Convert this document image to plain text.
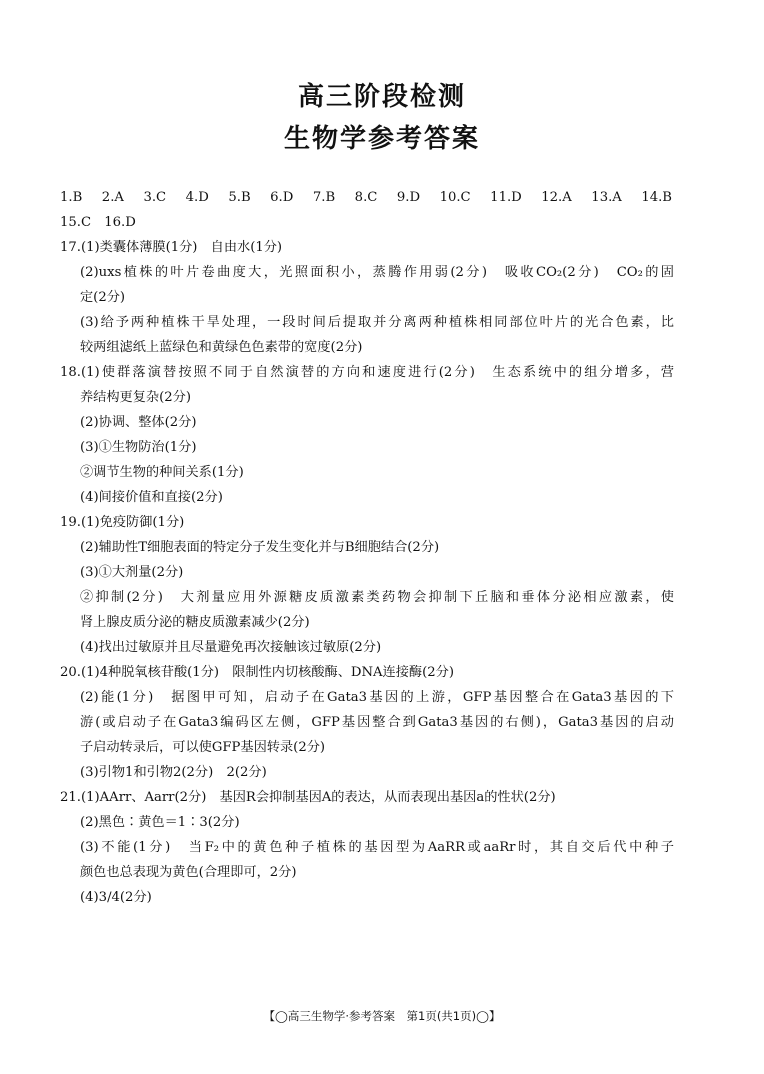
高三阶段检测
生物学参考答案
1.B　2.A　3.C　4.D　5.B　6.D　7.B　8.C　9.D　10.C　11.D　12.A　13.A　14.B
15.C　16.D
17.(1)类囊体薄膜(1分)　自由水(1分)
(2)uxs植株的叶片卷曲度大，光照面积小，蒸腾作用弱(2分)　吸收CO₂(2分)　CO₂的固
定(2分)
(3)给予两种植株干旱处理，一段时间后提取并分离两种植株相同部位叶片的光合色素，比
较两组滤纸上蓝绿色和黄绿色色素带的宽度(2分)
18.(1)使群落演替按照不同于自然演替的方向和速度进行(2分)　生态系统中的组分增多，营
养结构更复杂(2分)
(2)协调、整体(2分)
(3)①生物防治(1分)
②调节生物的种间关系(1分)
(4)间接价值和直接(2分)
19.(1)免疫防御(1分)
(2)辅助性T细胞表面的特定分子发生变化并与B细胞结合(2分)
(3)①大剂量(2分)
②抑制(2分)　大剂量应用外源糖皮质激素类药物会抑制下丘脑和垂体分泌相应激素，使
肾上腺皮质分泌的糖皮质激素减少(2分)
(4)找出过敏原并且尽量避免再次接触该过敏原(2分)
20.(1)4种脱氧核苷酸(1分)　限制性内切核酸酶、DNA连接酶(2分)
(2)能(1分)　据图甲可知，启动子在Gata3基因的上游，GFP基因整合在Gata3基因的下
游(或启动子在Gata3编码区左侧，GFP基因整合到Gata3基因的右侧)，Gata3基因的启动
子启动转录后，可以使GFP基因转录(2分)
(3)引物1和引物2(2分)　2(2分)
21.(1)AArr、Aarr(2分)　基因R会抑制基因A的表达，从而表现出基因a的性状(2分)
(2)黑色∶黄色＝1∶3(2分)
(3)不能(1分)　当F₂中的黄色种子植株的基因型为AaRR或aaRr时，其自交后代中种子
颜色也总表现为黄色(合理即可，2分)
(4)3/4(2分)
【◯高三生物学·参考答案　第1页(共1页)◯】
